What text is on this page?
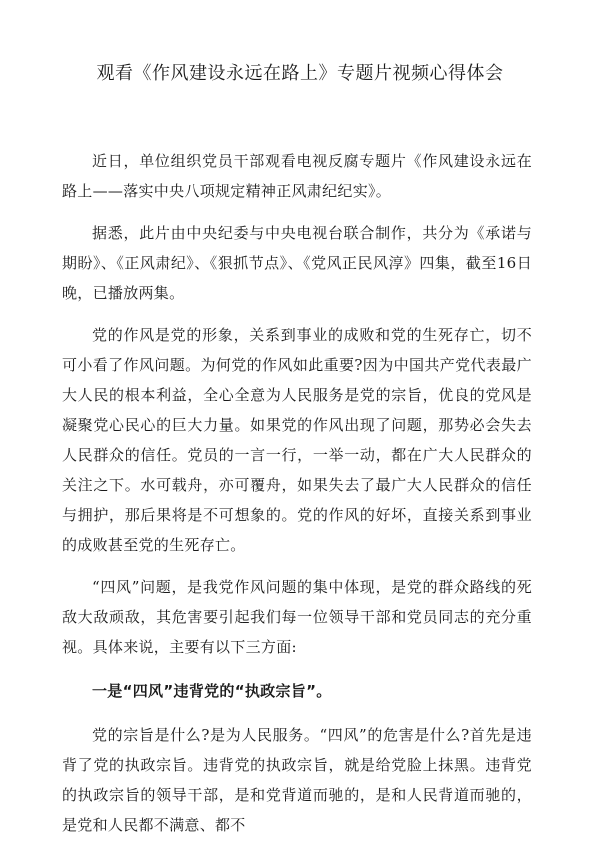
观看《作风建设永远在路上》专题片视频心得体会

近日，单位组织党员干部观看电视反腐专题片《作风建设永远在路上——落实中央八项规定精神正风肃纪纪实》。

据悉，此片由中央纪委与中央电视台联合制作，共分为《承诺与期盼》、《正风肃纪》、《狠抓节点》、《党风正民风淳》四集，截至16日晚，已播放两集。

党的作风是党的形象，关系到事业的成败和党的生死存亡，切不可小看了作风问题。为何党的作风如此重要?因为中国共产党代表最广大人民的根本利益，全心全意为人民服务是党的宗旨，优良的党风是凝聚党心民心的巨大力量。如果党的作风出现了问题，那势必会失去人民群众的信任。党员的一言一行，一举一动，都在广大人民群众的关注之下。水可载舟，亦可覆舟，如果失去了最广大人民群众的信任与拥护，那后果将是不可想象的。党的作风的好坏，直接关系到事业的成败甚至党的生死存亡。

“四风”问题，是我党作风问题的集中体现，是党的群众路线的死敌大敌顽敌，其危害要引起我们每一位领导干部和党员同志的充分重视。具体来说，主要有以下三方面:

一是“四风”违背党的“执政宗旨”。

党的宗旨是什么?是为人民服务。“四风”的危害是什么?首先是违背了党的执政宗旨。违背党的执政宗旨，就是给党脸上抹黑。违背党的执政宗旨的领导干部，是和党背道而驰的，是和人民背道而驰的，是党和人民都不满意、都不
